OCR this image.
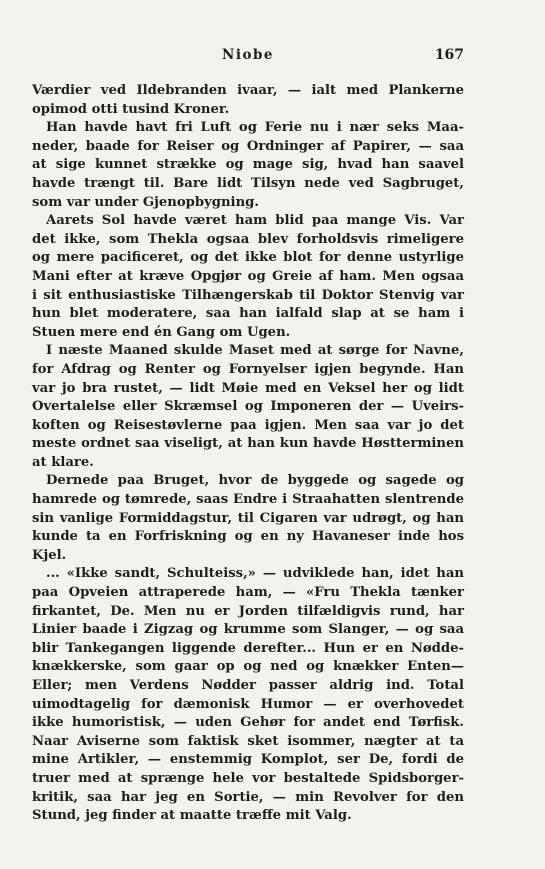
Niobe	167
Værdier ved Ildebranden ivaar, — ialt med Plankerne
opimod otti tusind Kroner.
Han havde havt fri Luft og Ferie nu i nær seks Maa-
neder, baade for Reiser og Ordninger af Papirer, — saa
at sige kunnet strække og mage sig, hvad han saavel
havde trængt til. Bare lidt Tilsyn nede ved Sagbruget,
som var under Gjenopbygning.
Aarets Sol havde været ham blid paa mange Vis. Var
det ikke, som Thekla ogsaa blev forholdsvis rimeligere
og mere pacificeret, og det ikke blot for denne ustyrlige
Mani efter at kræve Opgjør og Greie af ham. Men ogsaa
i sit enthusiastiske Tilhængerskab til Doktor Stenvig var
hun blet moderatere, saa han ialfald slap at se ham i
Stuen mere end én Gang om Ugen.
I næste Maaned skulde Maset med at sørge for Navne,
for Afdrag og Renter og Fornyelser igjen begynde. Han
var jo bra rustet, — lidt Møie med en Veksel her og lidt
Overtalelse eller Skræmsel og Imponeren der — Uveirs-
koften og Reisestøvlerne paa igjen. Men saa var jo det
meste ordnet saa viseligt, at han kun havde Høstterminen
at klare.
Dernede paa Bruget, hvor de byggede og sagede og
hamrede og tømrede, saas Endre i Straahatten slentrende
sin vanlige Formiddagstur, til Cigaren var udrøgt, og han
kunde ta en Forfriskning og en ny Havaneser inde hos
Kjel.
... «Ikke sandt, Schulteiss,» — udviklede han, idet han
paa Opveien attraperede ham, — «Fru Thekla tænker
firkantet, De. Men nu er Jorden tilfældigvis rund, har
Linier baade i Zigzag og krumme som Slanger, — og saa
blir Tankegangen liggende derefter... Hun er en Nødde-
knækkerske, som gaar op og ned og knækker Enten—
Eller; men Verdens Nødder passer aldrig ind. Total
uimodtagelig for dæmonisk Humor — er overhovedet
ikke humoristisk, — uden Gehør for andet end Tørfisk.
Naar Aviserne som faktisk sket isommer, nægter at ta
mine Artikler, — enstemmig Komplot, ser De, fordi de
truer med at sprænge hele vor bestaltede Spidsborger-
kritik, saa har jeg en Sortie, — min Revolver for den
Stund, jeg finder at maatte træffe mit Valg.
